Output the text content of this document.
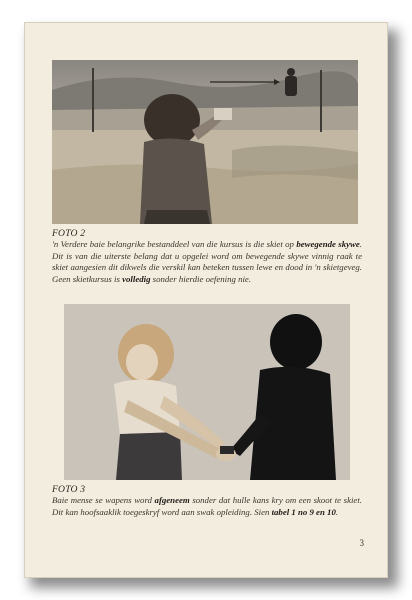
FOTO 2
'n Verdere baie belangrike bestanddeel van die kursus is die skiet op bewegende skywe. Dit is van die uiterste belang dat u opgelei word om bewegende skywe vinnig raak te skiet aangesien dit dikwels die verskil kan beteken tussen lewe en dood in 'n skietgeveg. Geen skietkursus is volledig sonder hierdie oefening nie.
FOTO 3
Baie mense se wapens word afgeneem sonder dat hulle kans kry om een skoot te skiet. Dit kan hoofsaaklik toegeskryf word aan swak opleiding. Sien tabel 1 no 9 en 10.
3
